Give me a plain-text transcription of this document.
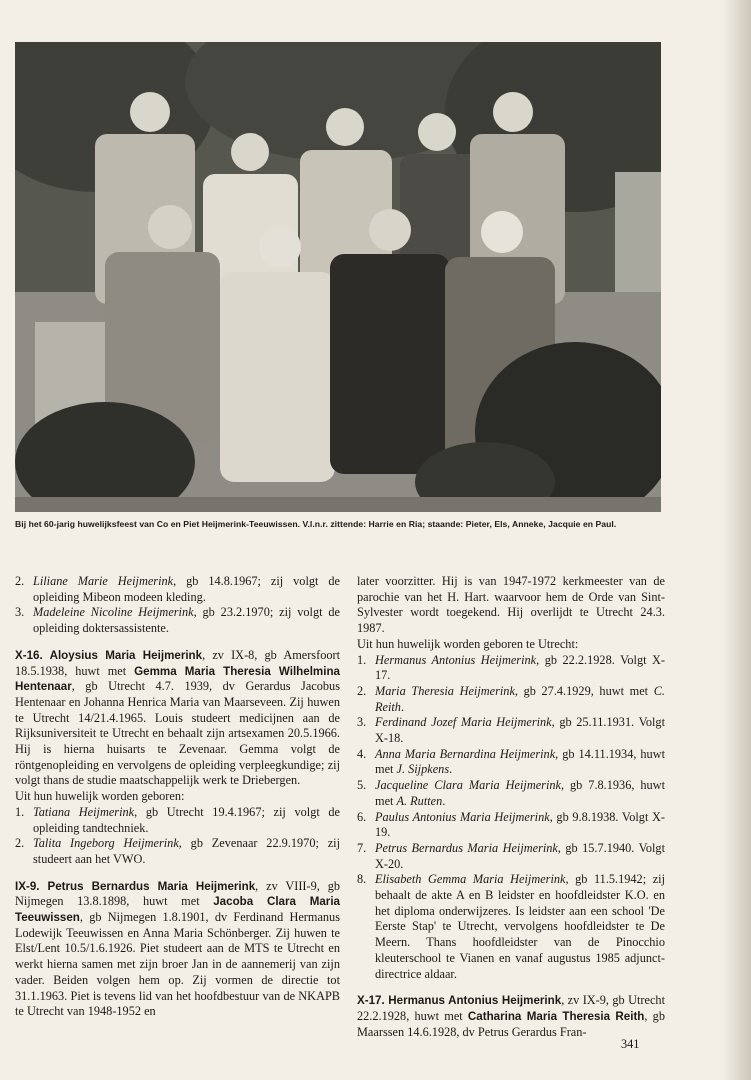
Bij het 60-jarig huwelijksfeest van Co en Piet Heijmerink-Teeuwissen. V.l.n.r. zittende: Harrie en Ria; staande: Pieter, Els, Anneke, Jacquie en Paul.
2. Liliane Marie Heijmerink, gb 14.8.1967; zij volgt de opleiding Mibeon modeen kleding.
3. Madeleine Nicoline Heijmerink, gb 23.2.1970; zij volgt de opleiding doktersassistente.

X-16. Aloysius Maria Heijmerink, zv IX-8, gb Amersfoort 18.5.1938, huwt met Gemma Maria Theresia Wilhelmina Hentenaar, gb Utrecht 4.7. 1939, dv Gerardus Jacobus Hentenaar en Johanna Henrica Maria van Maarseveen. Zij huwen te Utrecht 14/21.4.1965. Louis studeert medicijnen aan de Rijksuniversiteit te Utrecht en behaalt zijn artsexamen 20.5.1966. Hij is hierna huisarts te Zevenaar. Gemma volgt de röntgenopleiding en vervolgens de opleiding verpleegkundige; zij volgt thans de studie maatschappelijk werk te Driebergen.

Uit hun huwelijk worden geboren:

1. Tatiana Heijmerink, gb Utrecht 19.4.1967; zij volgt de opleiding tandtechniek.
2. Talita Ingeborg Heijmerink, gb Zevenaar 22.9.1970; zij studeert aan het VWO.

IX-9. Petrus Bernardus Maria Heijmerink, zv VIII-9, gb Nijmegen 13.8.1898, huwt met Jacoba Clara Maria Teeuwissen, gb Nijmegen 1.8.1901, dv Ferdinand Hermanus Lodewijk Teeuwissen en Anna Maria Schönberger. Zij huwen te Elst/Lent 10.5/1.6.1926. Piet studeert aan de MTS te Utrecht en werkt hierna samen met zijn broer Jan in de aannemerij van zijn vader. Beiden volgen hem op. Zij vormen de directie tot 31.1.1963. Piet is tevens lid van het hoofdbestuur van de NKAPB te Utrecht van 1948-1952 en

later voorzitter. Hij is van 1947-1972 kerkmeester van de parochie van het H. Hart. waarvoor hem de Orde van Sint-Sylvester wordt toegekend. Hij overlijdt te Utrecht 24.3. 1987.

Uit hun huwelijk worden geboren te Utrecht:

1. Hermanus Antonius Heijmerink, gb 22.2.1928. Volgt X-17.
2. Maria Theresia Heijmerink, gb 27.4.1929, huwt met C. Reith.
3. Ferdinand Jozef Maria Heijmerink, gb 25.11.1931. Volgt X-18.
4. Anna Maria Bernardina Heijmerink, gb 14.11.1934, huwt met J. Sijpkens.
5. Jacqueline Clara Maria Heijmerink, gb 7.8.1936, huwt met A. Rutten.
6. Paulus Antonius Maria Heijmerink, gb 9.8.1938. Volgt X-19.
7. Petrus Bernardus Maria Heijmerink, gb 15.7.1940. Volgt X-20.
8. Elisabeth Gemma Maria Heijmerink, gb 11.5.1942; zij behaalt de akte A en B leidster en hoofdleidster K.O. en het diploma onderwijzeres. Is leidster aan een school 'De Eerste Stap' te Utrecht, vervolgens hoofdleidster te De Meern. Thans hoofdleidster van de Pinocchio kleuterschool te Vianen en vanaf augustus 1985 adjunct-directrice aldaar.

X-17. Hermanus Antonius Heijmerink, zv IX-9, gb Utrecht 22.2.1928, huwt met Catharina Maria Theresia Reith, gb Maarssen 14.6.1928, dv Petrus Gerardus Fran-

341
